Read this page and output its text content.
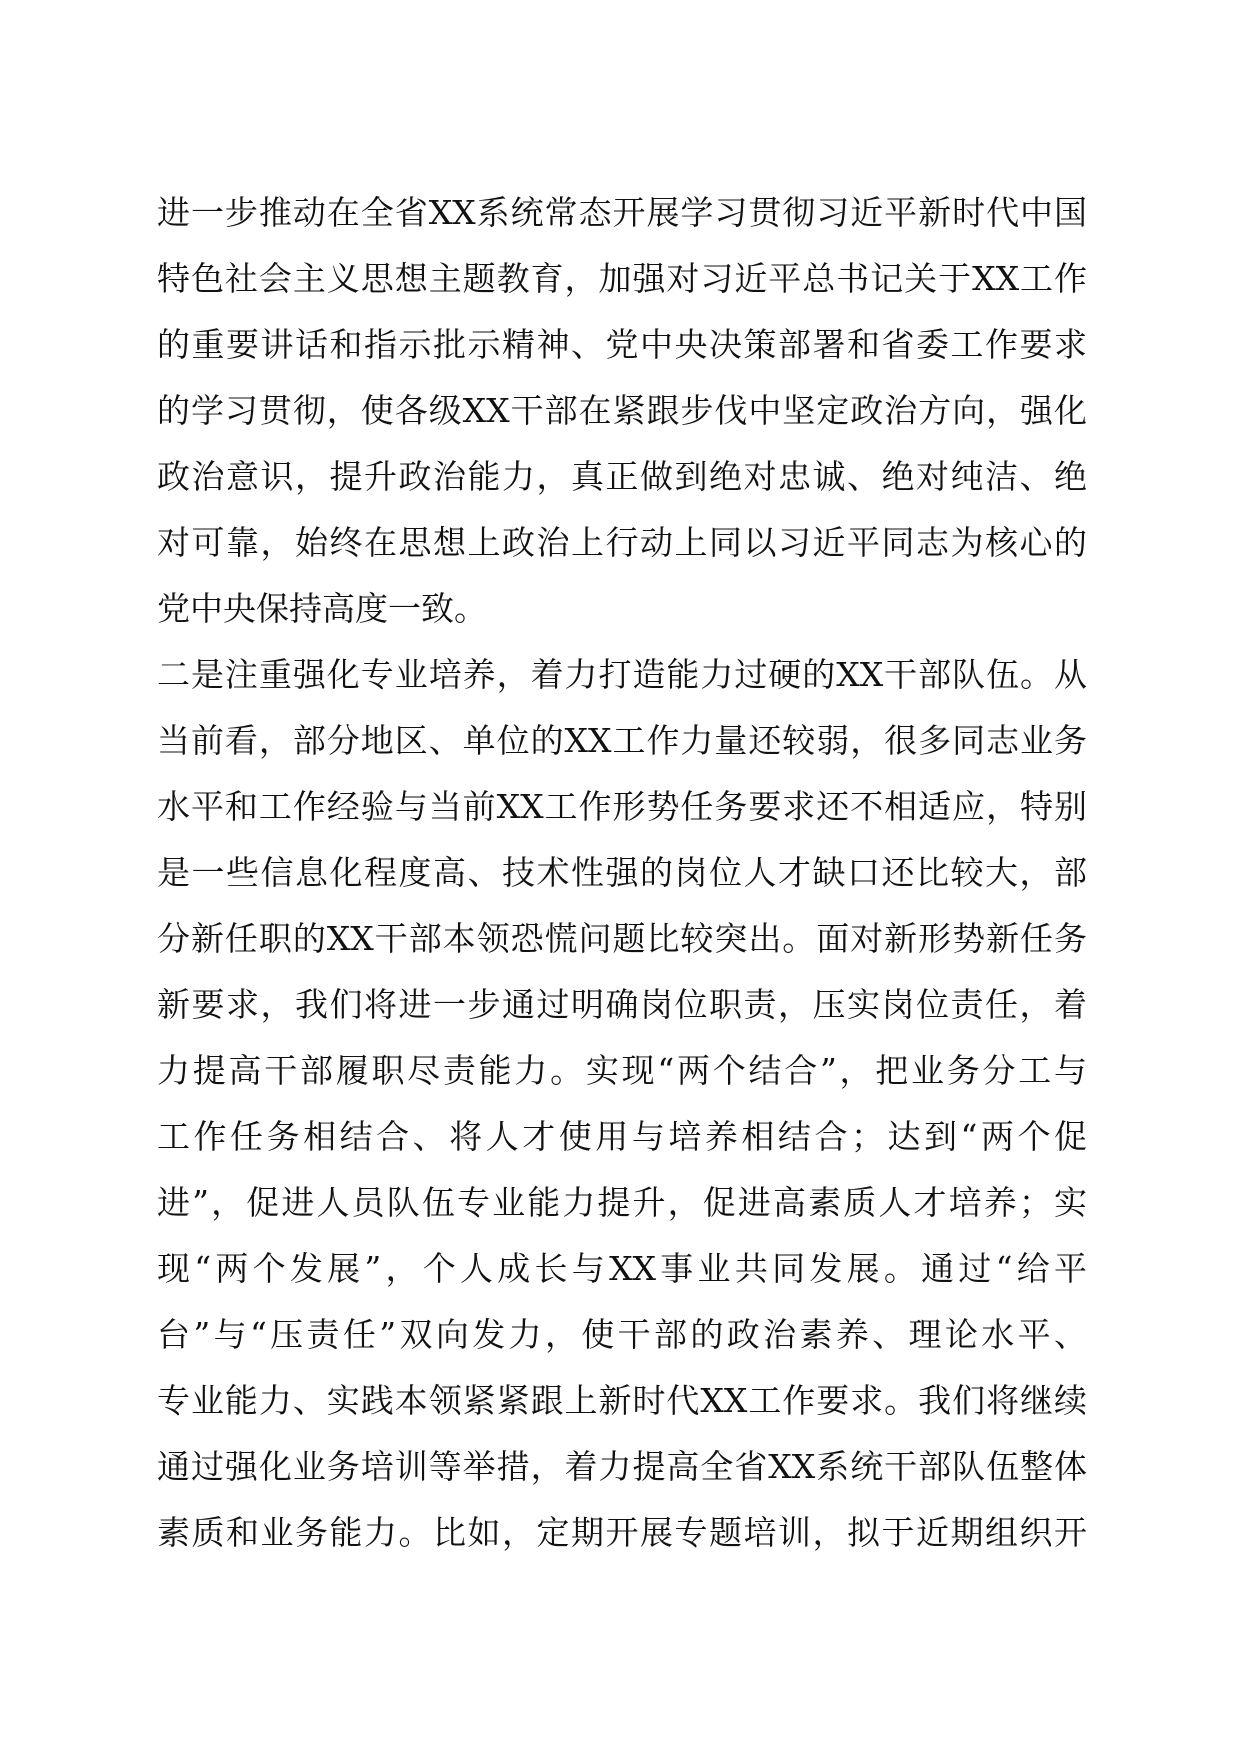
进一步推动在全省XX系统常态开展学习贯彻习近平新时代中国
特色社会主义思想主题教育，加强对习近平总书记关于XX工作
的重要讲话和指示批示精神、党中央决策部署和省委工作要求
的学习贯彻，使各级XX干部在紧跟步伐中坚定政治方向，强化
政治意识，提升政治能力，真正做到绝对忠诚、绝对纯洁、绝
对可靠，始终在思想上政治上行动上同以习近平同志为核心的
党中央保持高度一致。
二是注重强化专业培养，着力打造能力过硬的XX干部队伍。从
当前看，部分地区、单位的XX工作力量还较弱，很多同志业务
水平和工作经验与当前XX工作形势任务要求还不相适应，特别
是一些信息化程度高、技术性强的岗位人才缺口还比较大，部
分新任职的XX干部本领恐慌问题比较突出。面对新形势新任务
新要求，我们将进一步通过明确岗位职责，压实岗位责任，着
力提高干部履职尽责能力。实现“两个结合”，把业务分工与
工作任务相结合、将人才使用与培养相结合；达到“两个促
进”，促进人员队伍专业能力提升，促进高素质人才培养；实
现“两个发展”，个人成长与XX事业共同发展。通过“给平
台”与“压责任”双向发力，使干部的政治素养、理论水平、
专业能力、实践本领紧紧跟上新时代XX工作要求。我们将继续
通过强化业务培训等举措，着力提高全省XX系统干部队伍整体
素质和业务能力。比如，定期开展专题培训，拟于近期组织开
